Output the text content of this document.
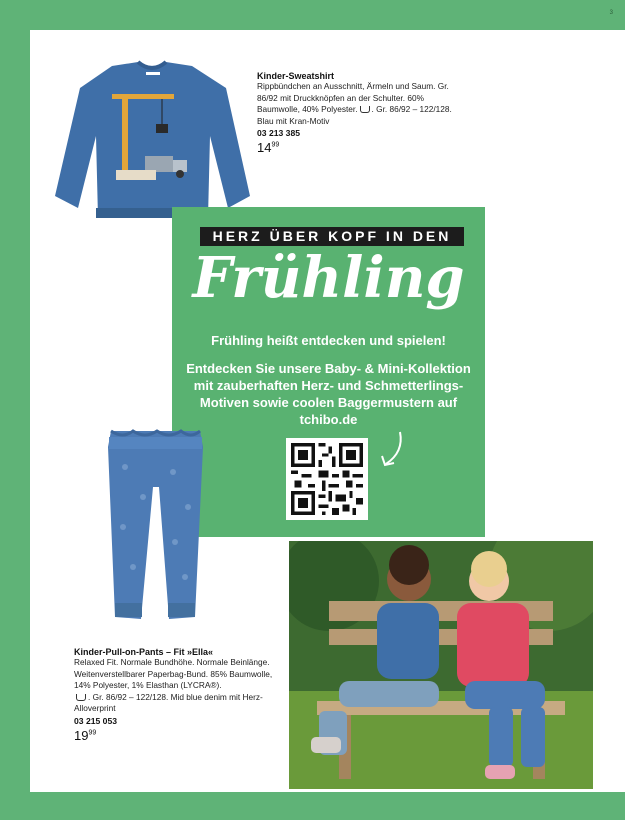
3
Kinder-Sweatshirt
Rippbündchen an Ausschnitt, Ärmeln und Saum. Gr. 86/92 mit Druckknöpfen an der Schulter. 60% Baumwolle, 40% Polyester. . Gr. 86/92 – 122/128. Blau mit Kran-Motiv
03 213 385
$14^{99}$
HERZ ÜBER KOPF IN DEN
Frühling
Frühling heißt entdecken und spielen!
Entdecken Sie unsere Baby- & Mini-Kollektion mit zauberhaften Herz- und Schmetterlings-Motiven sowie coolen Baggermustern auf tchibo.de
Kinder-Pull-on-Pants – Fit »Ella«
Relaxed Fit. Normale Bundhöhe. Normale Beinlänge. Weitenverstellbarer Paperbag-Bund. 85% Baumwolle, 14% Polyester, 1% Elasthan (LYCRA®).
. Gr. 86/92 – 122/128. Mid blue denim mit Herz-Alloverprint
03 215 053
$19^{99}$
